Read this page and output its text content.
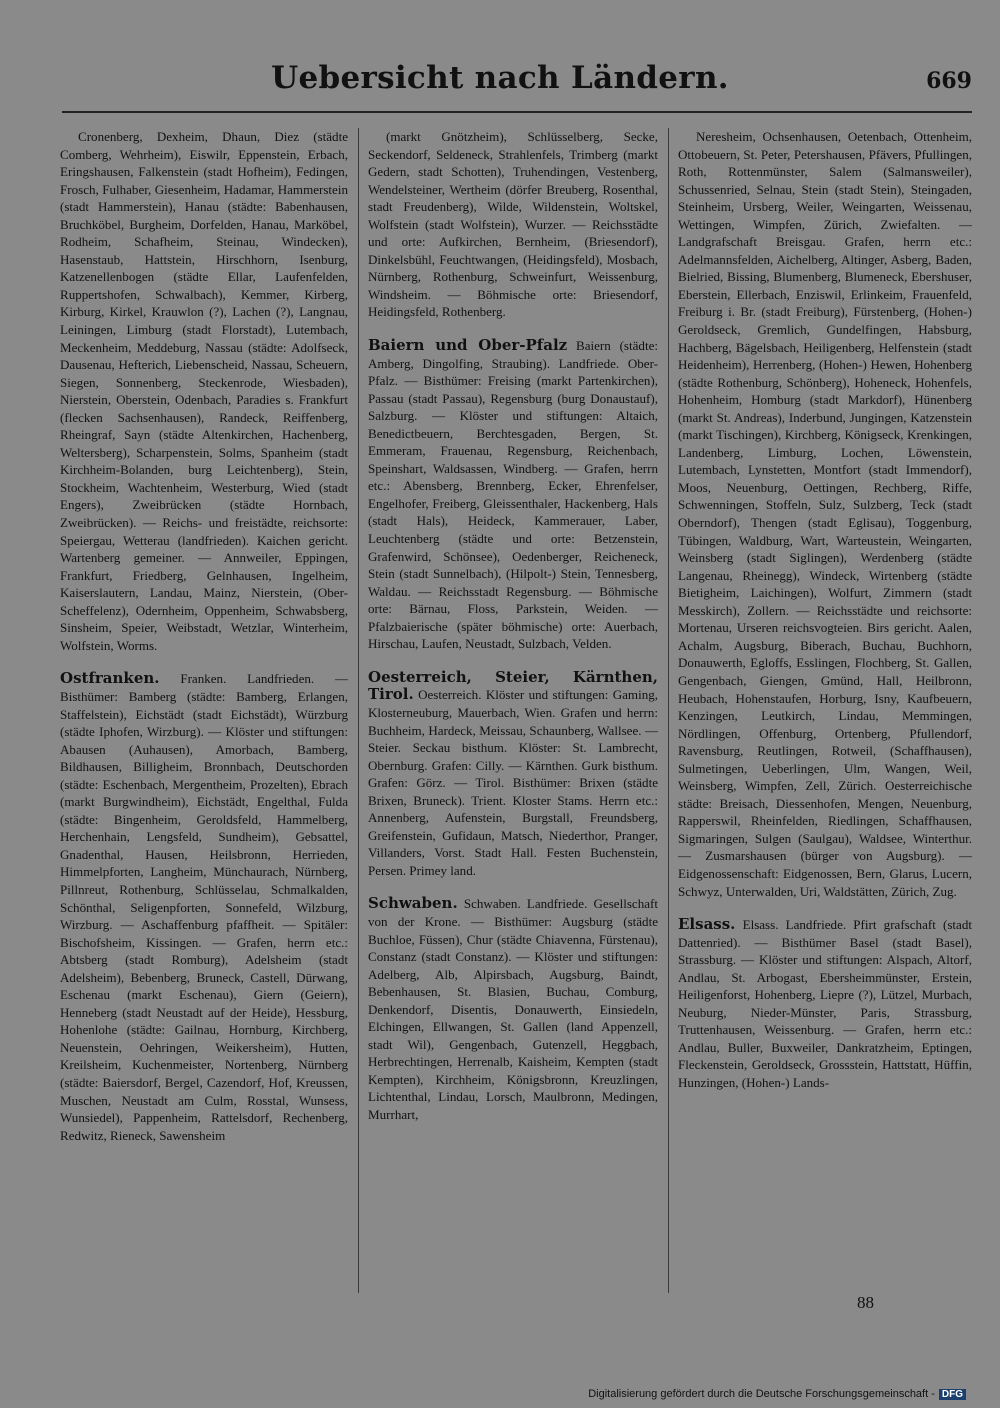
Uebersicht nach Ländern.	669

Cronenberg, Dexheim, Dhaun, Diez (städte Comberg, Wehrheim), Eiswilr, Eppenstein, Erbach, Eringshausen, Falkenstein (stadt Hofheim), Fedingen, Frosch, Fulhaber, Giesenheim, Hadamar, Hammerstein (stadt Hammerstein), Hanau (städte: Babenhausen, Bruchköbel, Burgheim, Dorfelden, Hanau, Marköbel, Rodheim, Schafheim, Steinau, Windecken), Hasenstaub, Hattstein, Hirschhorn, Isenburg, Katzenellenbogen (städte Ellar, Laufenfelden, Ruppertshofen, Schwalbach), Kemmer, Kirberg, Kirburg, Kirkel, Krauwlon (?), Lachen (?), Langnau, Leiningen, Limburg (stadt Florstadt), Lutembach, Meckenheim, Meddeburg, Nassau (städte: Adolfseck, Dausenau, Hefterich, Liebenscheid, Nassau, Scheuern, Siegen, Sonnenberg, Steckenrode, Wiesbaden), Nierstein, Oberstein, Odenbach, Paradies s. Frankfurt (flecken Sachsenhausen), Randeck, Reiffenberg, Rheingraf, Sayn (städte Altenkirchen, Hachenberg, Weltersberg), Scharpenstein, Solms, Spanheim (stadt Kirchheim-Bolanden, burg Leichtenberg), Stein, Stockheim, Wachtenheim, Westerburg, Wied (stadt Engers), Zweibrücken (städte Hornbach, Zweibrücken). — Reichs- und freistädte, reichsorte: Speiergau, Wetterau (landfrieden). Kaichen gericht. Wartenberg gemeiner. — Annweiler, Eppingen, Frankfurt, Friedberg, Gelnhausen, Ingelheim, Kaiserslautern, Landau, Mainz, Nierstein, (Ober-Scheffelenz), Odernheim, Oppenheim, Schwabsberg, Sinsheim, Speier, Weibstadt, Wetzlar, Winterheim, Wolfstein, Worms.

Ostfranken. Franken. Landfrieden. — Bisthümer: Bamberg (städte: Bamberg, Erlangen, Staffelstein), Eichstädt (stadt Eichstädt), Würzburg (städte Iphofen, Wirzburg). — Klöster und stiftungen: Abausen (Auhausen), Amorbach, Bamberg, Bildhausen, Billigheim, Bronnbach, Deutschorden (städte: Eschenbach, Mergentheim, Prozelten), Ebrach (markt Burgwindheim), Eichstädt, Engelthal, Fulda (städte: Bingenheim, Geroldsfeld, Hammelberg, Herchenhain, Lengsfeld, Sundheim), Gebsattel, Gnadenthal, Hausen, Heilsbronn, Herrieden, Himmelpforten, Langheim, Münchaurach, Nürnberg, Pillnreut, Rothenburg, Schlüsselau, Schmalkalden, Schönthal, Seligenpforten, Sonnefeld, Wilzburg, Wirzburg. — Aschaffenburg pfaffheit. — Spitäler: Bischofsheim, Kissingen. — Grafen, herrn etc.: Abtsberg (stadt Romburg), Adelsheim (stadt Adelsheim), Bebenberg, Bruneck, Castell, Dürwang, Eschenau (markt Eschenau), Giern (Geiern), Henneberg (stadt Neustadt auf der Heide), Hessburg, Hohenlohe (städte: Gailnau, Hornburg, Kirchberg, Neuenstein, Oehringen, Weikersheim), Hutten, Kreilsheim, Kuchenmeister, Nortenberg, Nürnberg (städte: Baiersdorf, Bergel, Cazendorf, Hof, Kreussen, Muschen, Neustadt am Culm, Rosstal, Wunsess, Wunsiedel), Pappenheim, Rattelsdorf, Rechenberg, Redwitz, Rieneck, Sawensheim

(markt Gnötzheim), Schlüsselberg, Secke, Seckendorf, Seldeneck, Strahlenfels, Trimberg (markt Gedern, stadt Schotten), Truhendingen, Vestenberg, Wendelsteiner, Wertheim (dörfer Breuberg, Rosenthal, stadt Freudenberg), Wilde, Wildenstein, Woltskel, Wolfstein (stadt Wolfstein), Wurzer. — Reichsstädte und orte: Aufkirchen, Bernheim, (Briesendorf), Dinkelsbühl, Feuchtwangen, (Heidingsfeld), Mosbach, Nürnberg, Rothenburg, Schweinfurt, Weissenburg, Windsheim. — Böhmische orte: Briesendorf, Heidingsfeld, Rothenberg.

Baiern und Ober-Pfalz Baiern (städte: Amberg, Dingolfing, Straubing). Landfriede. Ober-Pfalz. — Bisthümer: Freising (markt Partenkirchen), Passau (stadt Passau), Regensburg (burg Donaustauf), Salzburg. — Klöster und stiftungen: Altaich, Benedictbeuern, Berchtesgaden, Bergen, St. Emmeram, Frauenau, Regensburg, Reichenbach, Speinshart, Waldsassen, Windberg. — Grafen, herrn etc.: Abensberg, Brennberg, Ecker, Ehrenfelser, Engelhofer, Freiberg, Gleissenthaler, Hackenberg, Hals (stadt Hals), Heideck, Kammerauer, Laber, Leuchtenberg (städte und orte: Betzenstein, Grafenwird, Schönsee), Oedenberger, Reicheneck, Stein (stadt Sunnelbach), (Hilpolt-) Stein, Tennesberg, Waldau. — Reichsstadt Regensburg. — Böhmische orte: Bärnau, Floss, Parkstein, Weiden. — Pfalzbaierische (später böhmische) orte: Auerbach, Hirschau, Laufen, Neustadt, Sulzbach, Velden.

Oesterreich, Steier, Kärnthen, Tirol. Oesterreich. Klöster und stiftungen: Gaming, Klosterneuburg, Mauerbach, Wien. Grafen und herrn: Buchheim, Hardeck, Meissau, Schaunberg, Wallsee. — Steier. Seckau bisthum. Klöster: St. Lambrecht, Obernburg. Grafen: Cilly. — Kärnthen. Gurk bisthum. Grafen: Görz. — Tirol. Bisthümer: Brixen (städte Brixen, Bruneck). Trient. Kloster Stams. Herrn etc.: Annenberg, Aufenstein, Burgstall, Freundsberg, Greifenstein, Gufidaun, Matsch, Niederthor, Pranger, Villanders, Vorst. Stadt Hall. Festen Buchenstein, Persen. Primey land.

Schwaben. Schwaben. Landfriede. Gesellschaft von der Krone. — Bisthümer: Augsburg (städte Buchloe, Füssen), Chur (städte Chiavenna, Fürstenau), Constanz (stadt Constanz). — Klöster und stiftungen: Adelberg, Alb, Alpirsbach, Augsburg, Baindt, Bebenhausen, St. Blasien, Buchau, Comburg, Denkendorf, Disentis, Donauwerth, Einsiedeln, Elchingen, Ellwangen, St. Gallen (land Appenzell, stadt Wil), Gengenbach, Gutenzell, Heggbach, Herbrechtingen, Herrenalb, Kaisheim, Kempten (stadt Kempten), Kirchheim, Königsbronn, Kreuzlingen, Lichtenthal, Lindau, Lorsch, Maulbronn, Medingen, Murrhart,

Neresheim, Ochsenhausen, Oetenbach, Ottenheim, Ottobeuern, St. Peter, Petershausen, Pfävers, Pfullingen, Roth, Rottenmünster, Salem (Salmansweiler), Schussenried, Selnau, Stein (stadt Stein), Steingaden, Steinheim, Ursberg, Weiler, Weingarten, Weissenau, Wettingen, Wimpfen, Zürich, Zwiefalten. — Landgrafschaft Breisgau. Grafen, herrn etc.: Adelmannsfelden, Aichelberg, Altinger, Asberg, Baden, Bielried, Bissing, Blumenberg, Blumeneck, Ebershuser, Eberstein, Ellerbach, Enziswil, Erlinkeim, Frauenfeld, Freiburg i. Br. (stadt Freiburg), Fürstenberg, (Hohen-) Geroldseck, Gremlich, Gundelfingen, Habsburg, Hachberg, Bägelsbach, Heiligenberg, Helfenstein (stadt Heidenheim), Herrenberg, (Hohen-) Hewen, Hohenberg (städte Rothenburg, Schönberg), Hoheneck, Hohenfels, Hohenheim, Homburg (stadt Markdorf), Hünenberg (markt St. Andreas), Inderbund, Jungingen, Katzenstein (markt Tischingen), Kirchberg, Königseck, Krenkingen, Landenberg, Limburg, Lochen, Löwenstein, Lutembach, Lynstetten, Montfort (stadt Immendorf), Moos, Neuenburg, Oettingen, Rechberg, Riffe, Schwenningen, Stoffeln, Sulz, Sulzberg, Teck (stadt Oberndorf), Thengen (stadt Eglisau), Toggenburg, Tübingen, Waldburg, Wart, Warteustein, Weingarten, Weinsberg (stadt Siglingen), Werdenberg (städte Langenau, Rheinegg), Windeck, Wirtenberg (städte Bietigheim, Laichingen), Wolfurt, Zimmern (stadt Messkirch), Zollern. — Reichsstädte und reichsorte: Mortenau, Urseren reichsvogteien. Birs gericht. Aalen, Achalm, Augsburg, Biberach, Buchau, Buchhorn, Donauwerth, Egloffs, Esslingen, Flochberg, St. Gallen, Gengenbach, Giengen, Gmünd, Hall, Heilbronn, Heubach, Hohenstaufen, Horburg, Isny, Kaufbeuern, Kenzingen, Leutkirch, Lindau, Memmingen, Nördlingen, Offenburg, Ortenberg, Pfullendorf, Ravensburg, Reutlingen, Rotweil, (Schaffhausen), Sulmetingen, Ueberlingen, Ulm, Wangen, Weil, Weinsberg, Wimpfen, Zell, Zürich. Oesterreichische städte: Breisach, Diessenhofen, Mengen, Neuenburg, Rapperswil, Rheinfelden, Riedlingen, Schaffhausen, Sigmaringen, Sulgen (Saulgau), Waldsee, Winterthur. — Zusmarshausen (bürger von Augsburg). — Eidgenossenschaft: Eidgenossen, Bern, Glarus, Lucern, Schwyz, Unterwalden, Uri, Waldstätten, Zürich, Zug.

Elsass. Elsass. Landfriede. Pfirt grafschaft (stadt Dattenried). — Bisthümer Basel (stadt Basel), Strassburg. — Klöster und stiftungen: Alspach, Altorf, Andlau, St. Arbogast, Ebersheimmünster, Erstein, Heiligenforst, Hohenberg, Liepre (?), Lützel, Murbach, Neuburg, Nieder-Münster, Paris, Strassburg, Truttenhausen, Weissenburg. — Grafen, herrn etc.: Andlau, Buller, Buxweiler, Dankratzheim, Eptingen, Fleckenstein, Geroldseck, Grossstein, Hattstatt, Hüffin, Hunzingen, (Hohen-) Lands-

88
Digitalisierung gefördert durch die Deutsche Forschungsgemeinschaft - DFG
